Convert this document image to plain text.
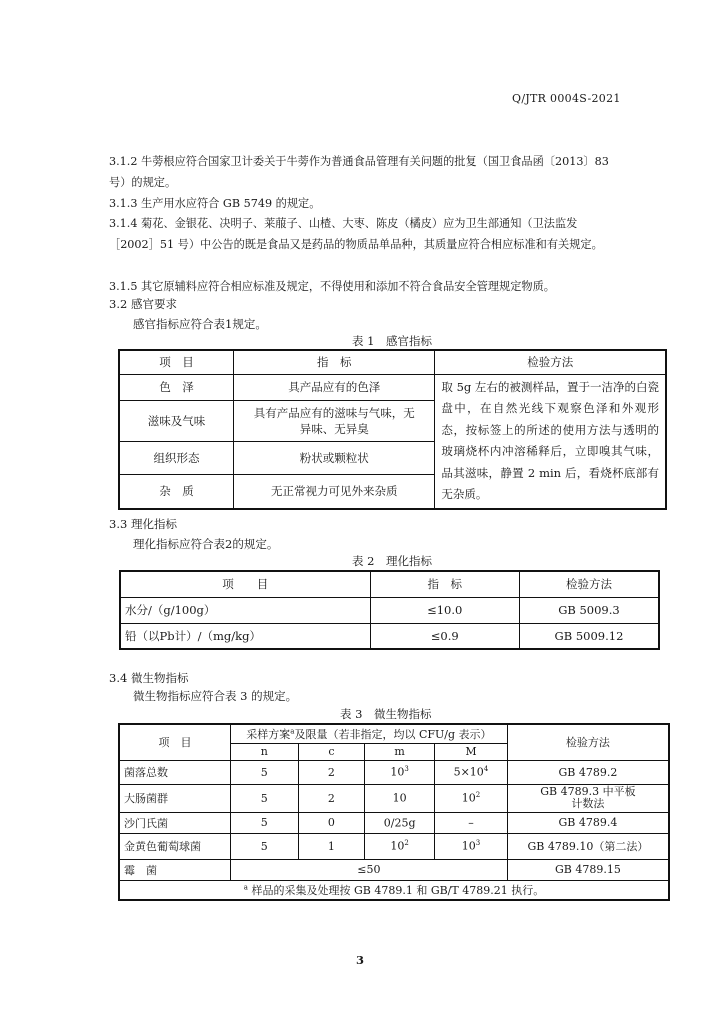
Q/JTR 0004S-2021
3.1.2 牛蒡根应符合国家卫计委关于牛蒡作为普通食品管理有关问题的批复（国卫食品函〔2013〕83 号）的规定。
3.1.3 生产用水应符合 GB 5749 的规定。
3.1.4 菊花、金银花、决明子、莱菔子、山楂、大枣、陈皮（橘皮）应为卫生部通知（卫法监发［2002］51 号）中公告的既是食品又是药品的物质品单品种，其质量应符合相应标准和有关规定。
3.1.5 其它原辅料应符合相应标准及规定，不得使用和添加不符合食品安全管理规定物质。
3.2 感官要求
感官指标应符合表1规定。
表 1　感官指标
项　目	指　标	检验方法
色　泽	具产品应有的色泽	取 5g 左右的被测样品，置于一洁净的白瓷盘中，在自然光线下观察色泽和外观形态，按标签上的所述的使用方法与透明的玻璃烧杯内冲溶稀释后，立即嗅其气味，品其滋味，静置 2 min 后，看烧杯底部有无杂质。
滋味及气味	具有产品应有的滋味与气味，无异味、无异臭	
组织形态	粉状或颗粒状	
杂　质	无正常视力可见外来杂质	
3.3 理化指标
理化指标应符合表2的规定。
表 2　理化指标
项　　目	指　标	检验方法
水分/（g/100g）	≤10.0	GB 5009.3
铅（以Pb计）/（mg/kg）	≤0.9	GB 5009.12
3.4 微生物指标
微生物指标应符合表 3 的规定。
表 3　微生物指标
项　目	采样方案$^a$及限量（若非指定，均以 CFU/g 表示）				检验方法
	n	c	m	M	
菌落总数	5	2	$10^3$	$5\times 10^4$	GB 4789.2
大肠菌群	5	2	10	$10^2$	GB 4789.3 中平板计数法
沙门氏菌	5	0	0/25g	–	GB 4789.4
金黄色葡萄球菌	5	1	$10^2$	$10^3$	GB 4789.10（第二法）
霉　菌	≤50				GB 4789.15
$^a$ 样品的采集及处理按 GB 4789.1 和 GB/T 4789.21 执行。					
3
